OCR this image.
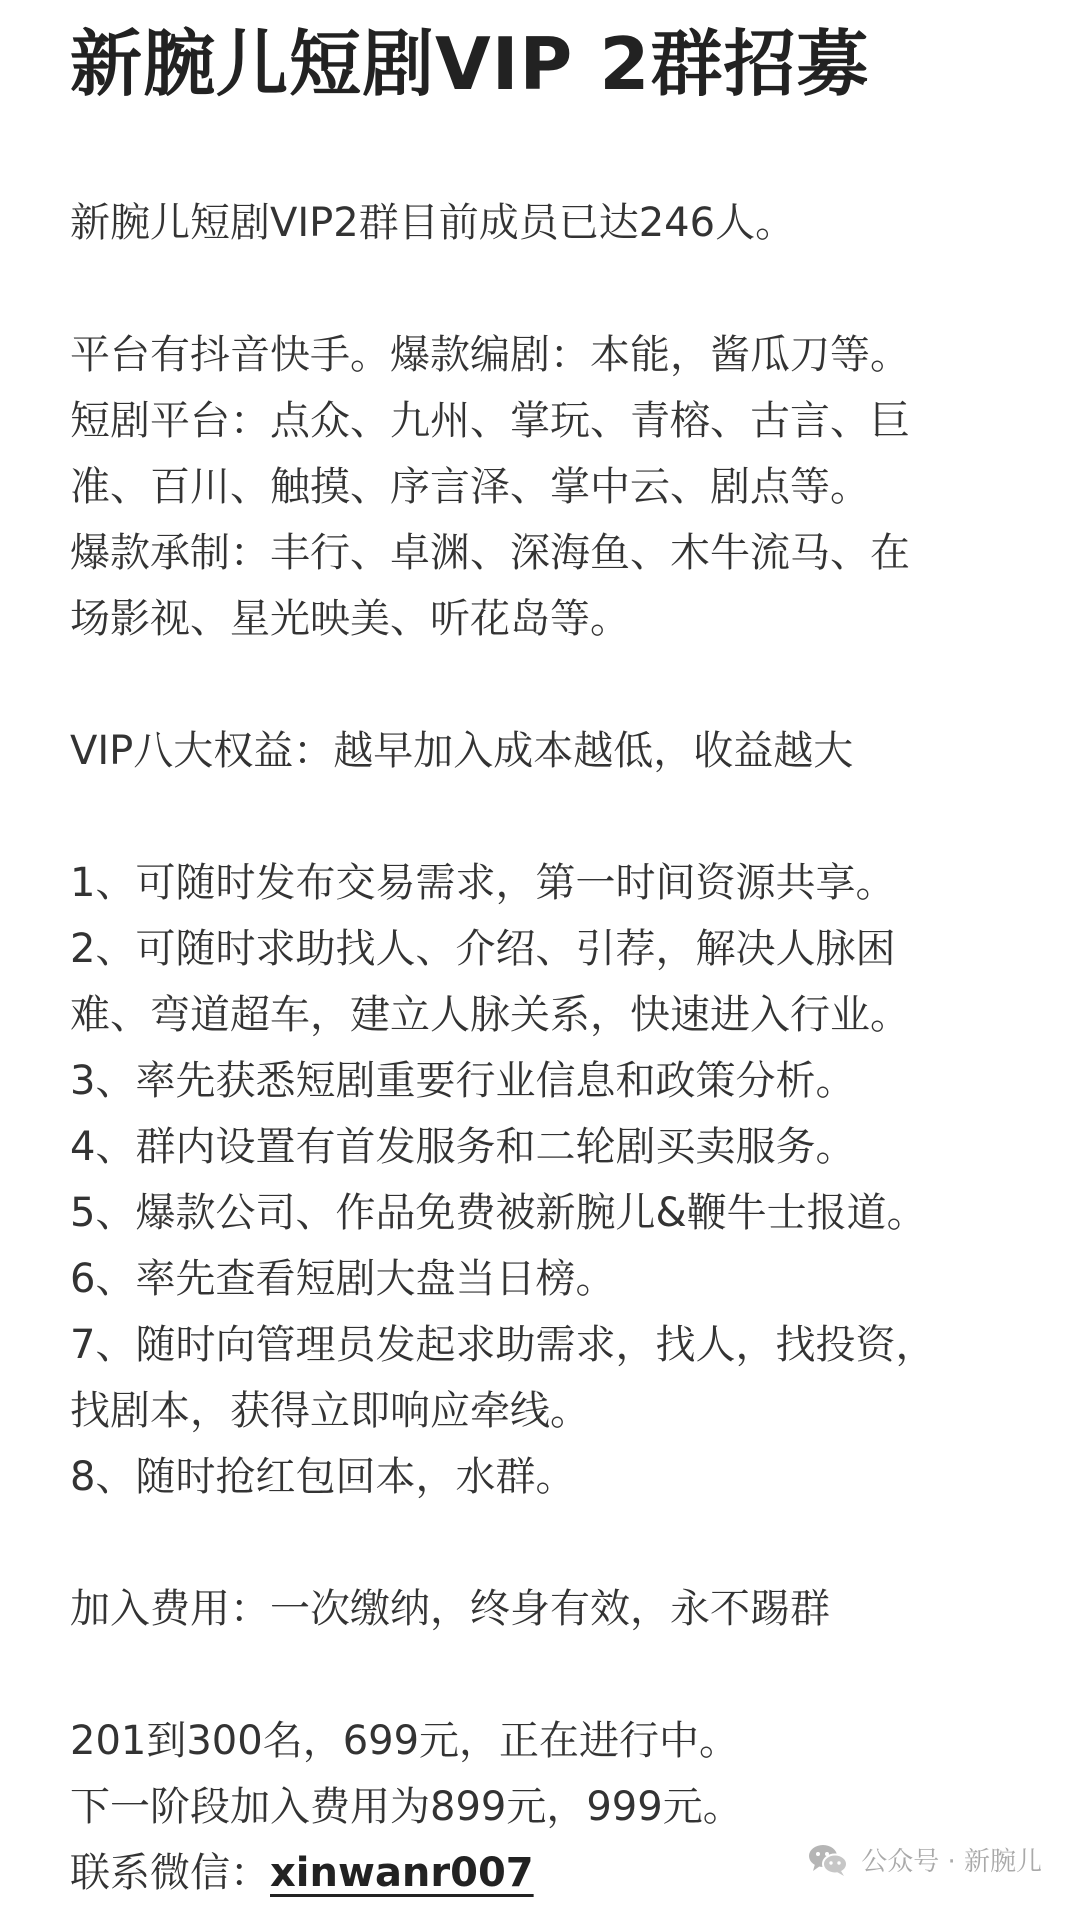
新腕儿短剧VIP 2群招募
新腕儿短剧VIP2群目前成员已达246人。
平台有抖音快手。爆款编剧：本能，酱瓜刀等。
短剧平台：点众、九州、掌玩、青榕、古言、巨
准、百川、触摸、序言泽、掌中云、剧点等。
爆款承制：丰行、卓渊、深海鱼、木牛流马、在
场影视、星光映美、听花岛等。
VIP八大权益：越早加入成本越低，收益越大
1、可随时发布交易需求，第一时间资源共享。
2、可随时求助找人、介绍、引荐，解决人脉困
难、弯道超车，建立人脉关系，快速进入行业。
3、率先获悉短剧重要行业信息和政策分析。
4、群内设置有首发服务和二轮剧买卖服务。
5、爆款公司、作品免费被新腕儿&鞭牛士报道。
6、率先查看短剧大盘当日榜。
7、随时向管理员发起求助需求，找人，找投资，
找剧本，获得立即响应牵线。
8、随时抢红包回本，水群。
加入费用：一次缴纳，终身有效，永不踢群
201到300名，699元，正在进行中。
下一阶段加入费用为899元，999元。
联系微信：xinwanr007	公众号 · 新腕儿
